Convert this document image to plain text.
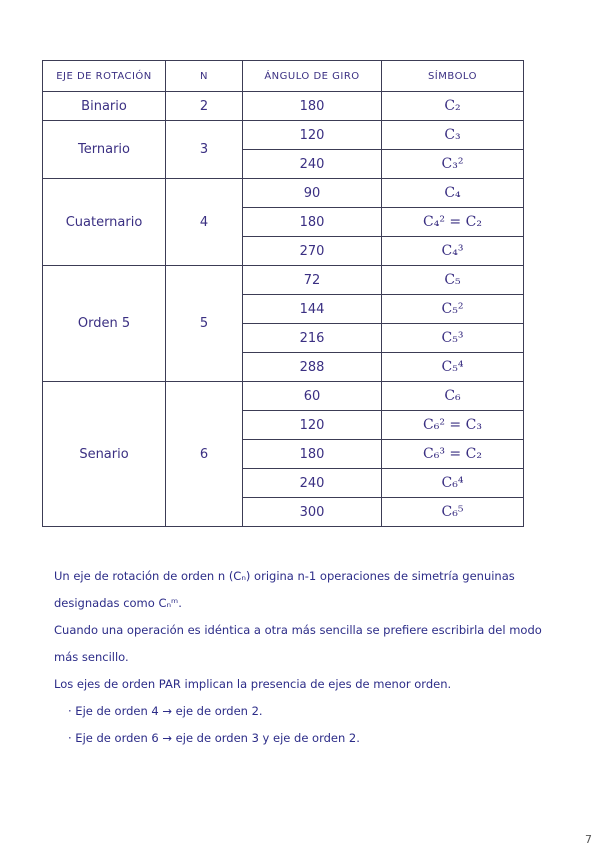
EJE DE ROTACIÓN	N	ÁNGULO DE GIRO	SÍMBOLO
Binario	2	180	C₂
Ternario	3	120	C₃
		240	C₃²
Cuaternario	4	90	C₄
		180	C₄² = C₂
		270	C₄³
Orden 5	5	72	C₅
		144	C₅²
		216	C₅³
		288	C₅⁴
Senario	6	60	C₆
		120	C₆² = C₃
		180	C₆³ = C₂
		240	C₆⁴
		300	C₆⁵

Un eje de rotación de orden n (Cₙ) origina n-1 operaciones de simetría genuinas

designadas como Cₙᵐ.

Cuando una operación es idéntica a otra más sencilla se prefiere escribirla del modo

más sencillo.

Los ejes de orden PAR implican la presencia de ejes de menor orden.

· Eje de orden 4 → eje de orden 2.

· Eje de orden 6 → eje de orden 3 y eje de orden 2.

7
